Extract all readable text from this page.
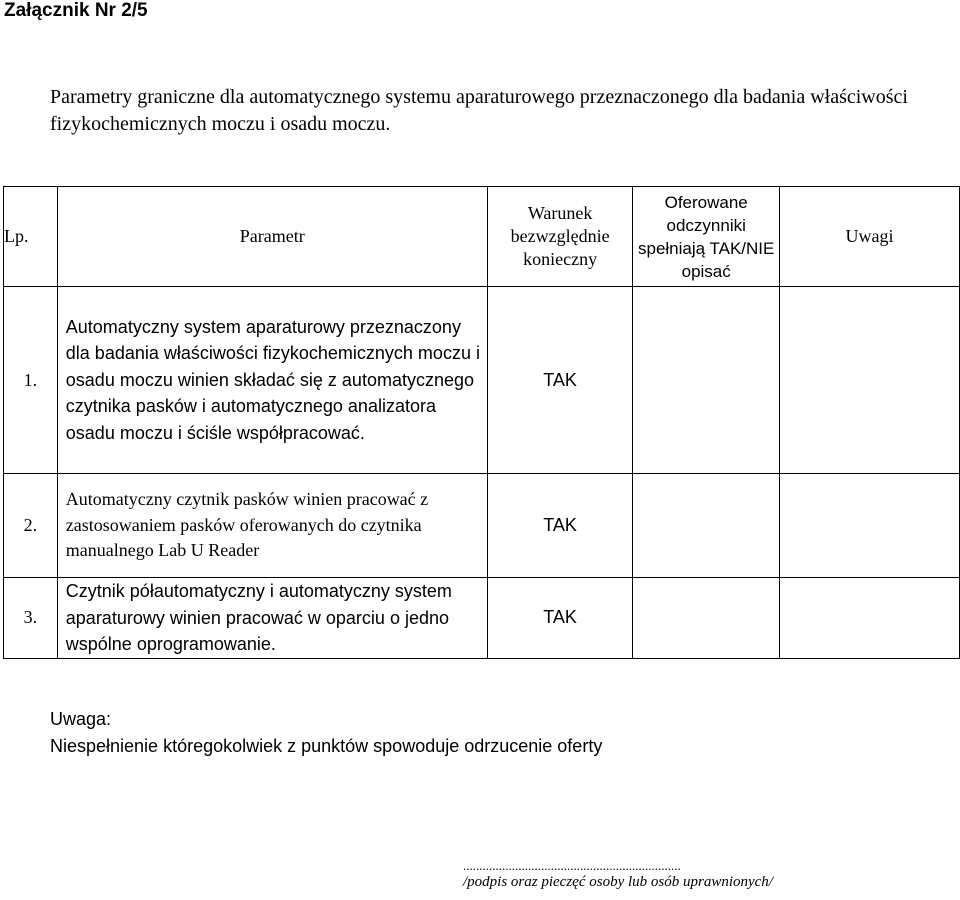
Załącznik Nr 2/5
Parametry graniczne dla automatycznego systemu aparaturowego przeznaczonego dla badania właściwości fizykochemicznych moczu i osadu moczu.
Lp.	Parametr	Warunek bezwzględnie konieczny	Oferowane odczynniki spełniają TAK/NIE opisać	Uwagi
1.	Automatyczny system aparaturowy przeznaczony dla badania właściwości fizykochemicznych moczu i osadu moczu winien składać się z automatycznego czytnika pasków i automatycznego analizatora osadu moczu i ściśle współpracować.	TAK		
2.	Automatyczny czytnik pasków winien pracować z zastosowaniem pasków oferowanych do czytnika manualnego Lab U Reader	TAK		
3.	Czytnik półautomatyczny i automatyczny system aparaturowy winien pracować w oparciu o jedno wspólne oprogramowanie.	TAK		
Uwaga:
Niespełnienie któregokolwiek z punktów spowoduje odrzucenie oferty
...................................................................
/podpis oraz pieczęć osoby lub osób uprawnionych/
